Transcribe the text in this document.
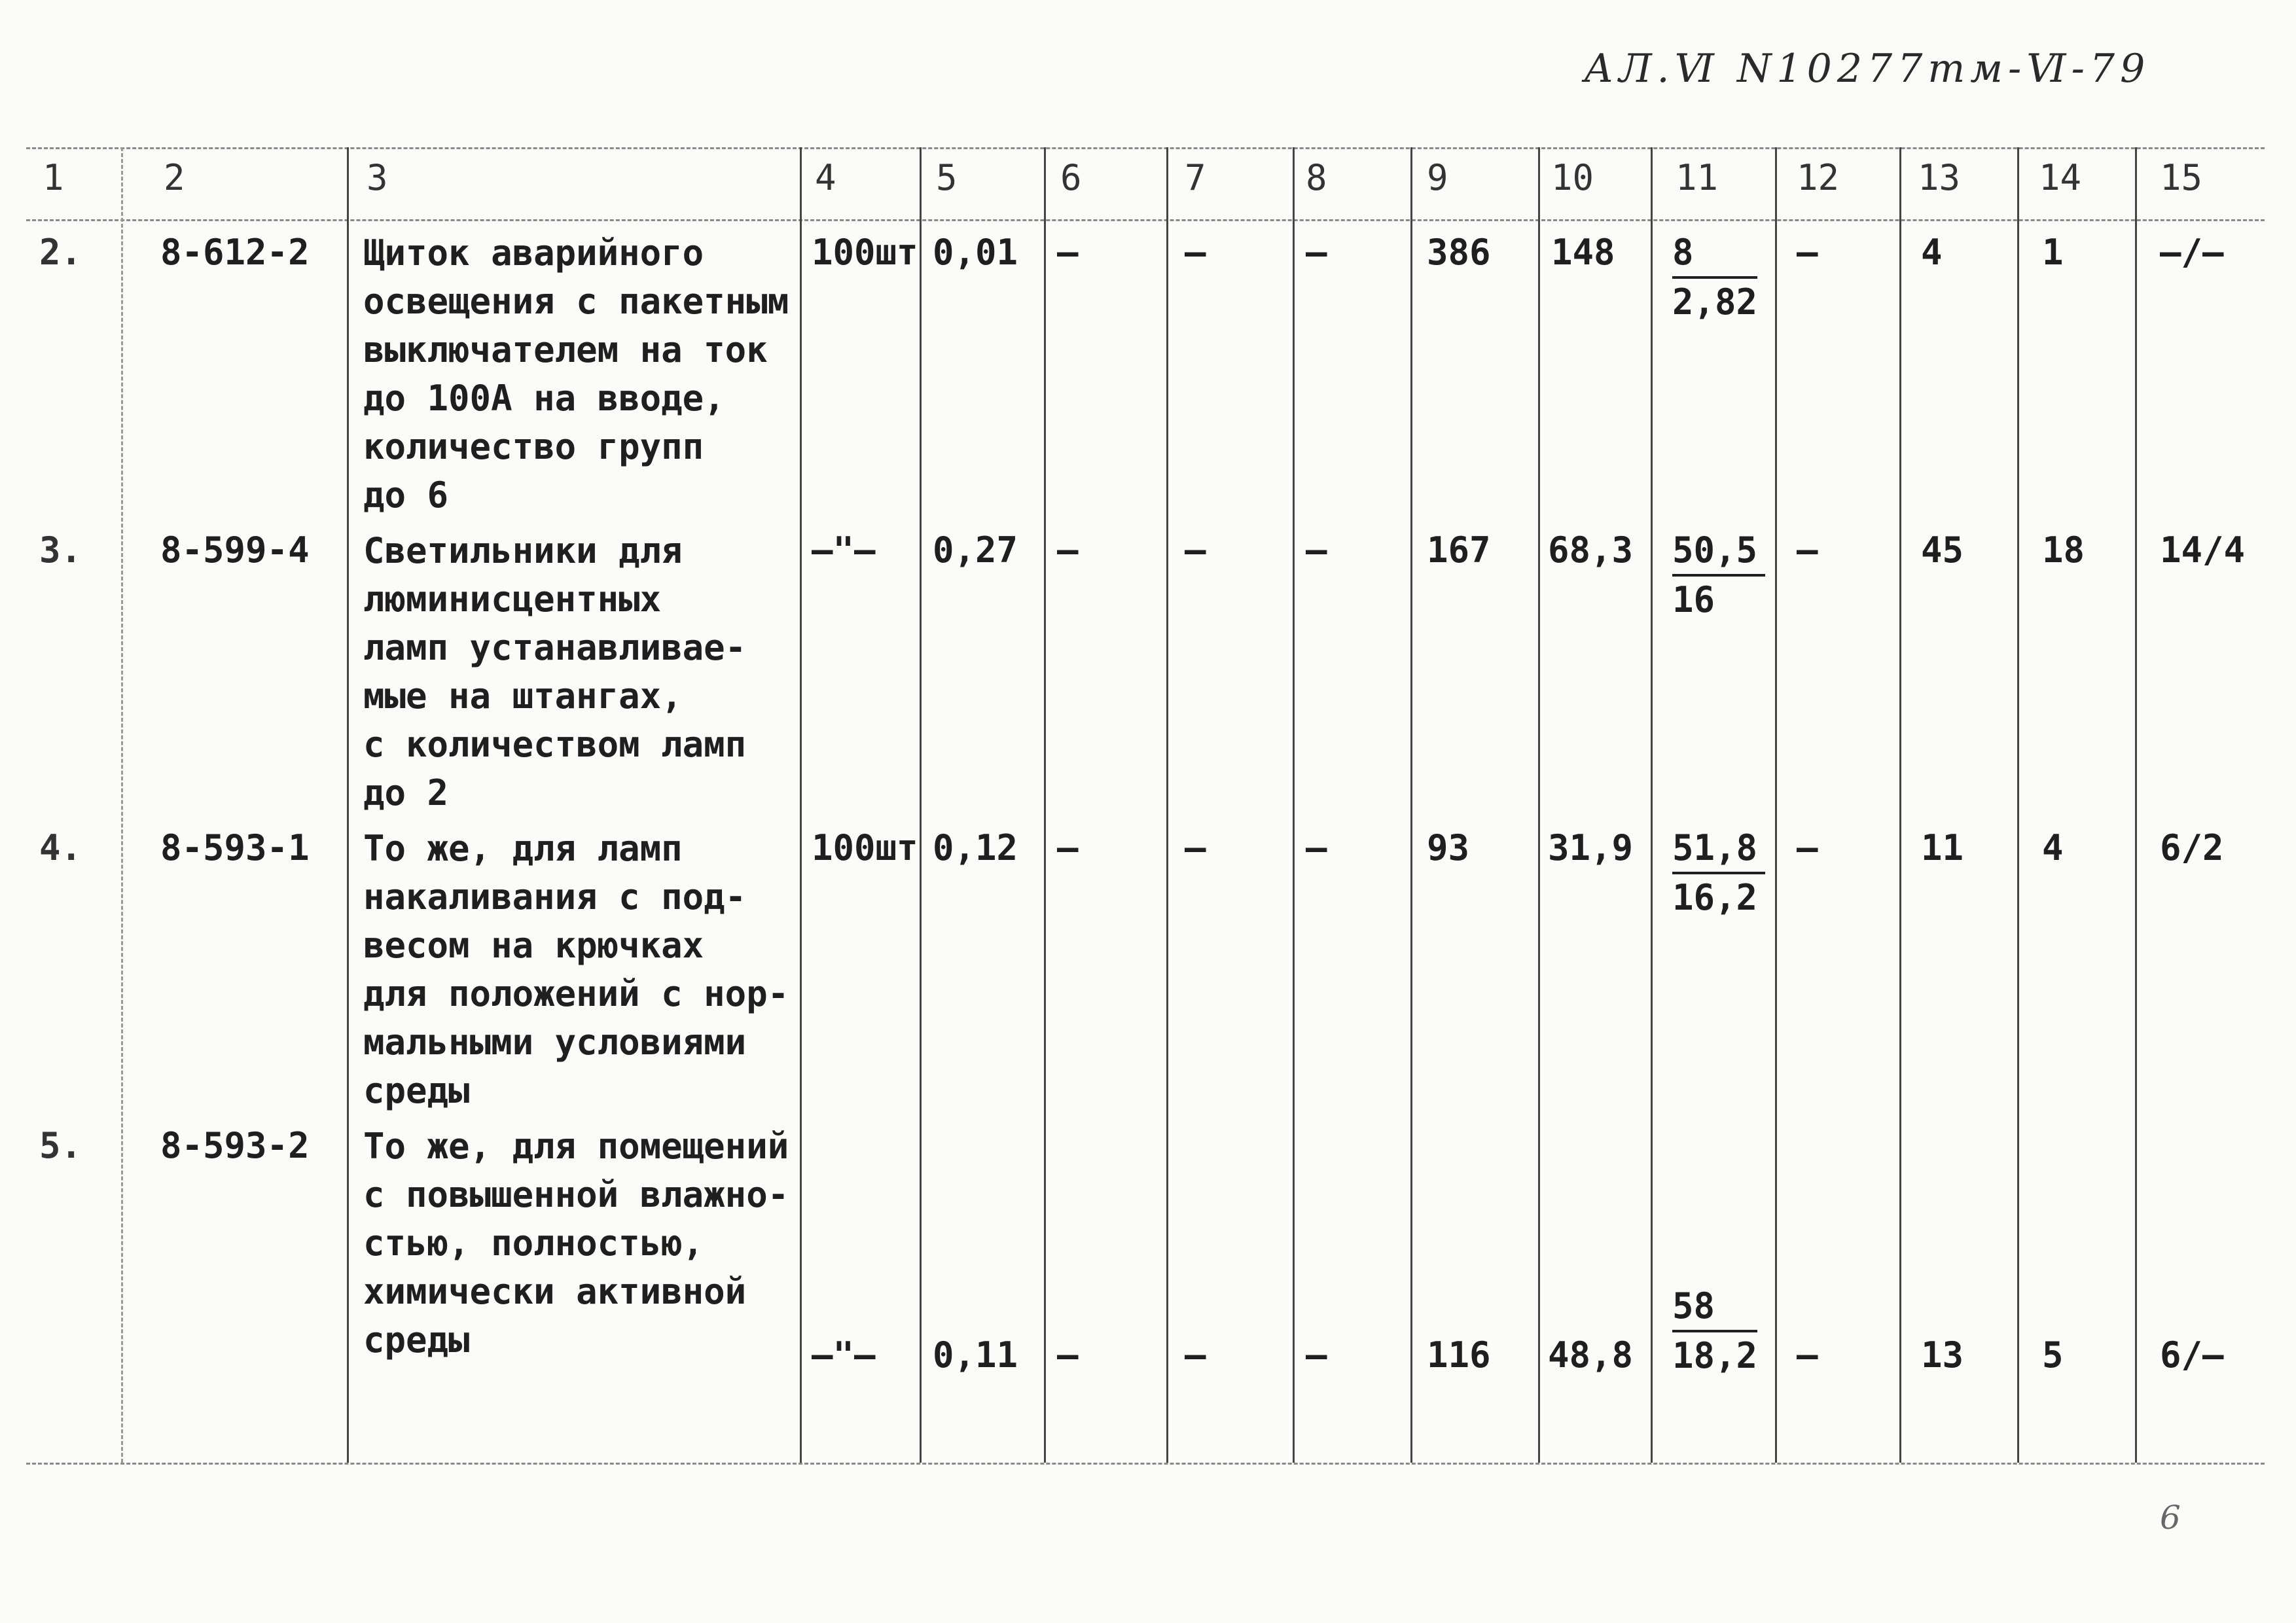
АЛ.Ⅵ N10277тм-Ⅵ-79
1	2	3	4	5	6	7	8	9	10 11 12 13 14 15
2. 8-612-2 Щиток аварийного
освещения с пакетным
выключателем на ток
до 100А на вводе,
количество групп
до 6
100шт 0,01 –	–	–	386 $148 \frac{8}{2,82}$ –	4	1	–/–
3. 8-599-4 Светильники для
люминисцентных
ламп устанавливае-
мые на штангах,
с количеством ламп
до 2
–"– 0,27 –	–	–	167 $68,3 \frac{50,5}{16}$ –	45 18 14/4
4. 8-593-1 То же, для ламп
накаливания с под-
весом на крючках
для положений с нор-
мальными условиями
среды
100шт 0,12 –	–	–	93 $31,9 \frac{51,8}{16,2}$ –	11 4	6/2
5. 8-593-2 То же, для помещений
с повышенной влажно-
стью, полностью,
химически активной
среды	–"– 0,11 –	–	–	116 $48,8 \frac{58}{18,2}$ –	13 5	6/–
6
